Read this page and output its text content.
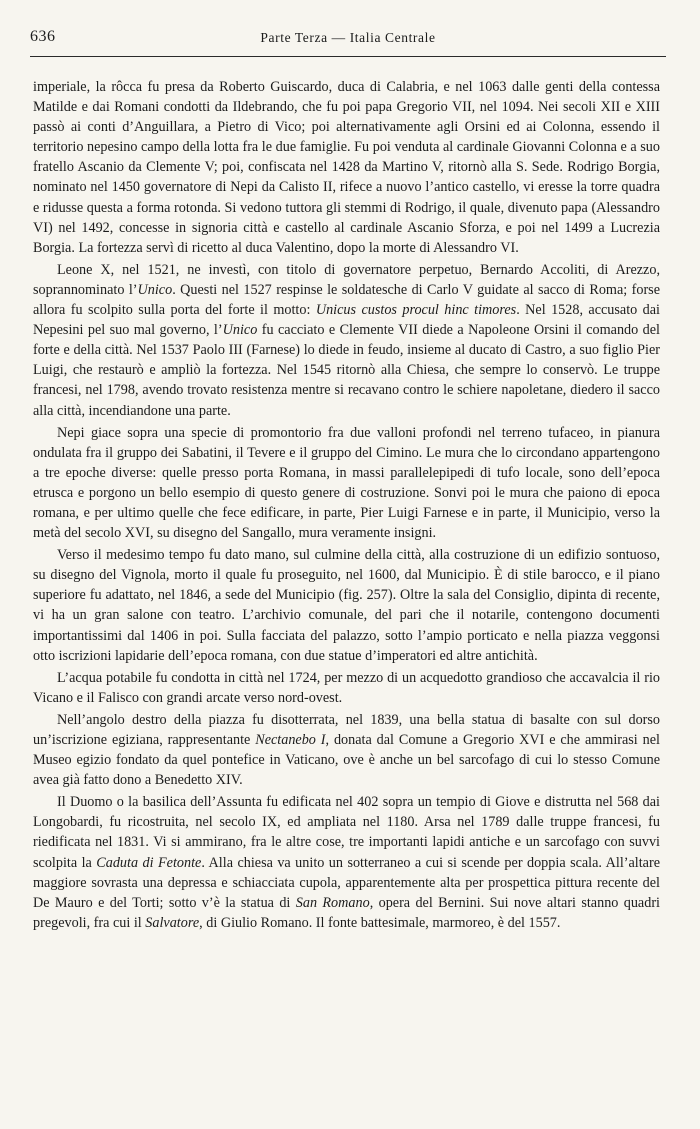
636	Parte Terza — Italia Centrale

imperiale, la rôcca fu presa da Roberto Guiscardo, duca di Calabria, e nel 1063 dalle genti della contessa Matilde e dai Romani condotti da Ildebrando, che fu poi papa Gregorio VII, nel 1094. Nei secoli XII e XIII passò ai conti d’Anguillara, a Pietro di Vico; poi alternativamente agli Orsini ed ai Colonna, essendo il territorio nepesino campo della lotta fra le due famiglie. Fu poi venduta al cardinale Giovanni Colonna e a suo fratello Ascanio da Clemente V; poi, confiscata nel 1428 da Martino V, ritornò alla S. Sede. Rodrigo Borgia, nominato nel 1450 governatore di Nepi da Calisto II, rifece a nuovo l’antico castello, vi eresse la torre quadra e ridusse questa a forma rotonda. Si vedono tuttora gli stemmi di Rodrigo, il quale, divenuto papa (Alessandro VI) nel 1492, concesse in signoria città e castello al cardinale Ascanio Sforza, e poi nel 1499 a Lucrezia Borgia. La fortezza servì di ricetto al duca Valentino, dopo la morte di Alessandro VI.

Leone X, nel 1521, ne investì, con titolo di governatore perpetuo, Bernardo Accoliti, di Arezzo, soprannominato l’Unico. Questi nel 1527 respinse le soldatesche di Carlo V guidate al sacco di Roma; forse allora fu scolpito sulla porta del forte il motto: Unicus custos procul hinc timores. Nel 1528, accusato dai Nepesini pel suo mal governo, l’Unico fu cacciato e Clemente VII diede a Napoleone Orsini il comando del forte e della città. Nel 1537 Paolo III (Farnese) lo diede in feudo, insieme al ducato di Castro, a suo figlio Pier Luigi, che restaurò e ampliò la fortezza. Nel 1545 ritornò alla Chiesa, che sempre lo conservò. Le truppe francesi, nel 1798, avendo trovato resistenza mentre si recavano contro le schiere napoletane, diedero il sacco alla città, incendiandone una parte.

Nepi giace sopra una specie di promontorio fra due valloni profondi nel terreno tufaceo, in pianura ondulata fra il gruppo dei Sabatini, il Tevere e il gruppo del Cimino. Le mura che lo circondano appartengono a tre epoche diverse: quelle presso porta Romana, in massi parallelepipedi di tufo locale, sono dell’epoca etrusca e porgono un bello esempio di questo genere di costruzione. Sonvi poi le mura che paiono di epoca romana, e per ultimo quelle che fece edificare, in parte, Pier Luigi Farnese e in parte, il Municipio, verso la metà del secolo XVI, su disegno del Sangallo, mura veramente insigni.

Verso il medesimo tempo fu dato mano, sul culmine della città, alla costruzione di un edifizio sontuoso, su disegno del Vignola, morto il quale fu proseguito, nel 1600, dal Municipio. È di stile barocco, e il piano superiore fu adattato, nel 1846, a sede del Municipio (fig. 257). Oltre la sala del Consiglio, dipinta di recente, vi ha un gran salone con teatro. L’archivio comunale, del pari che il notarile, contengono documenti importantissimi dal 1406 in poi. Sulla facciata del palazzo, sotto l’ampio porticato e nella piazza veggonsi otto iscrizioni lapidarie dell’epoca romana, con due statue d’imperatori ed altre antichità.

L’acqua potabile fu condotta in città nel 1724, per mezzo di un acquedotto grandioso che accavalcia il rio Vicano e il Falisco con grandi arcate verso nord-ovest.

Nell’angolo destro della piazza fu disotterrata, nel 1839, una bella statua di basalte con sul dorso un’iscrizione egiziana, rappresentante Nectanebo I, donata dal Comune a Gregorio XVI e che ammirasi nel Museo egizio fondato da quel pontefice in Vaticano, ove è anche un bel sarcofago di cui lo stesso Comune avea già fatto dono a Benedetto XIV.

Il Duomo o la basilica dell’Assunta fu edificata nel 402 sopra un tempio di Giove e distrutta nel 568 dai Longobardi, fu ricostruita, nel secolo IX, ed ampliata nel 1180. Arsa nel 1789 dalle truppe francesi, fu riedificata nel 1831. Vi si ammirano, fra le altre cose, tre importanti lapidi antiche e un sarcofago con suvvi scolpita la Caduta di Fetonte. Alla chiesa va unito un sotterraneo a cui si scende per doppia scala. All’altare maggiore sovrasta una depressa e schiacciata cupola, apparentemente alta per prospettica pittura recente del De Mauro e del Torti; sotto v’è la statua di San Romano, opera del Bernini. Sui nove altari stanno quadri pregevoli, fra cui il Salvatore, di Giulio Romano. Il fonte battesimale, marmoreo, è del 1557.
